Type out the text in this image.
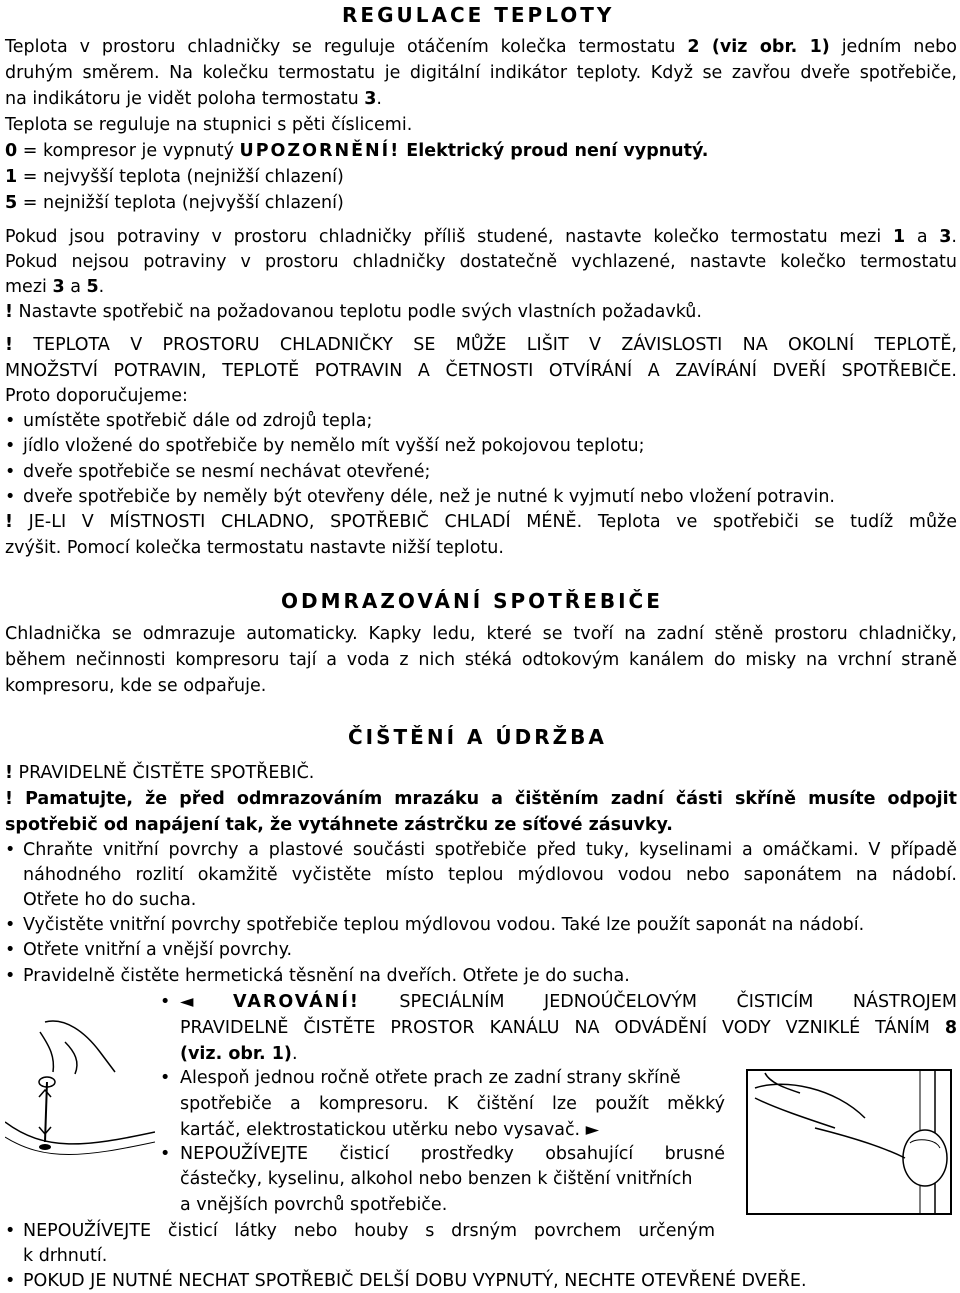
REGULACE TEPLOTY
Teplota v prostoru chladničky se reguluje otáčením kolečka termostatu 2 (viz obr. 1) jedním nebo
druhým směrem. Na kolečku termostatu je digitální indikátor teploty. Když se zavřou dveře spotřebiče,
na indikátoru je vidět poloha termostatu 3.
Teplota se reguluje na stupnici s pěti číslicemi.
0 = kompresor je vypnutý UPOZORNĚNÍ! Elektrický proud není vypnutý.
1 = nejvyšší teplota (nejnižší chlazení)
5 = nejnižší teplota (nejvyšší chlazení)
Pokud jsou potraviny v prostoru chladničky příliš studené, nastavte kolečko termostatu mezi 1 a 3.
Pokud nejsou potraviny v prostoru chladničky dostatečně vychlazené, nastavte kolečko termostatu
mezi 3 a 5.
! Nastavte spotřebič na požadovanou teplotu podle svých vlastních požadavků.
! TEPLOTA V PROSTORU CHLADNIČKY SE MŮŽE LIŠIT V ZÁVISLOSTI NA OKOLNÍ TEPLOTĚ,
MNOŽSTVÍ POTRAVIN, TEPLOTĚ POTRAVIN A ČETNOSTI OTVÍRÁNÍ A ZAVÍRÁNÍ DVEŘÍ SPOTŘEBIČE.
Proto doporučujeme:
• umístěte spotřebič dále od zdrojů tepla;
• jídlo vložené do spotřebiče by nemělo mít vyšší než pokojovou teplotu;
• dveře spotřebiče se nesmí nechávat otevřené;
• dveře spotřebiče by neměly být otevřeny déle, než je nutné k vyjmutí nebo vložení potravin.
! JE-LI V MÍSTNOSTI CHLADNO, SPOTŘEBIČ CHLADÍ MÉNĚ. Teplota ve spotřebiči se tudíž může
zvýšit. Pomocí kolečka termostatu nastavte nižší teplotu.
ODMRAZOVÁNÍ SPOTŘEBIČE
Chladnička se odmrazuje automaticky. Kapky ledu, které se tvoří na zadní stěně prostoru chladničky,
během nečinnosti kompresoru tají a voda z nich stéká odtokovým kanálem do misky na vrchní straně
kompresoru, kde se odpařuje.
ČIŠTĚNÍ A ÚDRŽBA
! PRAVIDELNĚ ČISTĚTE SPOTŘEBIČ.
! Pamatujte, že před odmrazováním mrazáku a čištěním zadní části skříně musíte odpojit
spotřebič od napájení tak, že vytáhnete zástrčku ze síťové zásuvky.
• Chraňte vnitřní povrchy a plastové součásti spotřebiče před tuky, kyselinami a omáčkami. V případě
náhodného rozlití okamžitě vyčistěte místo teplou mýdlovou vodou nebo saponátem na nádobí.
Otřete ho do sucha.
• Vyčistěte vnitřní povrchy spotřebiče teplou mýdlovou vodou. Také lze použít saponát na nádobí.
• Otřete vnitřní a vnější povrchy.
• Pravidelně čistěte hermetická těsnění na dveřích. Otřete je do sucha.
• ◄ VAROVÁNÍ! SPECIÁLNÍM JEDNOÚČELOVÝM ČISTICÍM NÁSTROJEM
PRAVIDELNĚ ČISTĚTE PROSTOR KANÁLU NA ODVÁDĚNÍ VODY VZNIKLÉ TÁNÍM 8
(viz. obr. 1).
• Alespoň jednou ročně otřete prach ze zadní strany skříně
spotřebiče a kompresoru. K čištění lze použít měkký
kartáč, elektrostatickou utěrku nebo vysavač. ►
• NEPOUŽÍVEJTE čisticí prostředky obsahující brusné
částečky, kyselinu, alkohol nebo benzen k čištění vnitřních
a vnějších povrchů spotřebiče.
• NEPOUŽÍVEJTE čisticí látky nebo houby s drsným povrchem určeným
k drhnutí.
• POKUD JE NUTNÉ NECHAT SPOTŘEBIČ DELŠÍ DOBU VYPNUTÝ, NECHTE OTEVŘENÉ DVEŘE.
